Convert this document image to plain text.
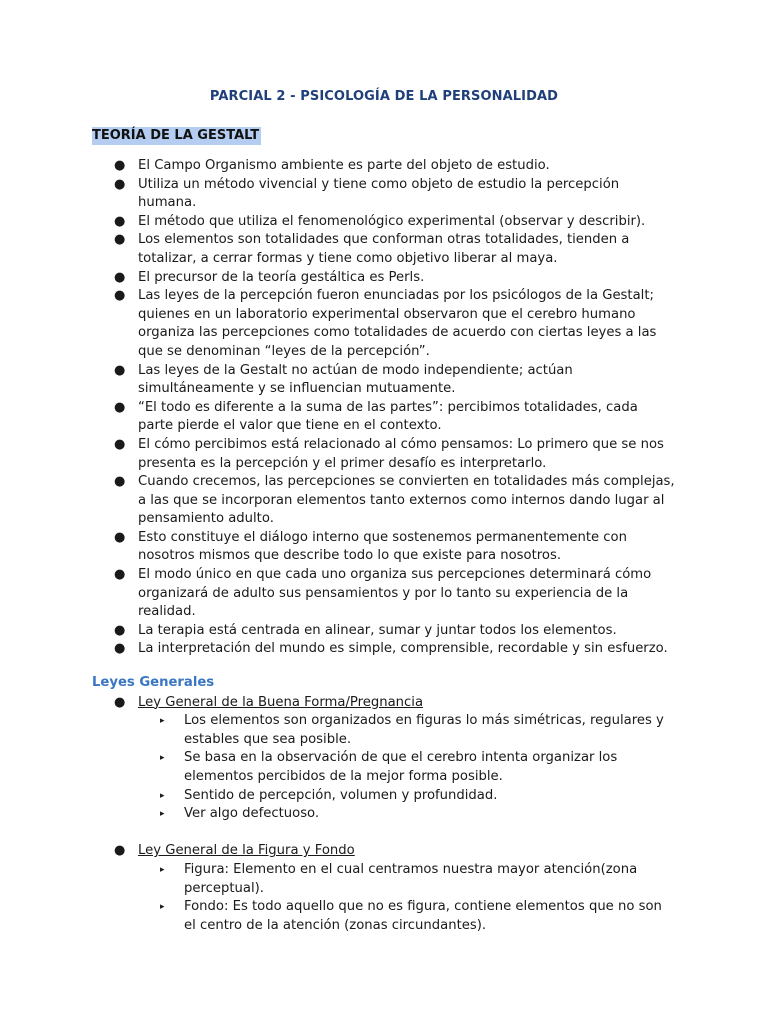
PARCIAL 2 - PSICOLOGÍA DE LA PERSONALIDAD
TEORÍA DE LA GESTALT
● El Campo Organismo ambiente es parte del objeto de estudio.
● Utiliza un método vivencial y tiene como objeto de estudio la percepción humana.
● El método que utiliza el fenomenológico experimental (observar y describir).
● Los elementos son totalidades que conforman otras totalidades, tienden a totalizar, a cerrar formas y tiene como objetivo liberar al maya.
● El precursor de la teoría gestáltica es Perls.
● Las leyes de la percepción fueron enunciadas por los psicólogos de la Gestalt; quienes en un laboratorio experimental observaron que el cerebro humano organiza las percepciones como totalidades de acuerdo con ciertas leyes a las que se denominan “leyes de la percepción”.
● Las leyes de la Gestalt no actúan de modo independiente; actúan simultáneamente y se influencian mutuamente.
● “El todo es diferente a la suma de las partes”: percibimos totalidades, cada parte pierde el valor que tiene en el contexto.
● El cómo percibimos está relacionado al cómo pensamos: Lo primero que se nos presenta es la percepción y el primer desafío es interpretarlo.
● Cuando crecemos, las percepciones se convierten en totalidades más complejas, a las que se incorporan elementos tanto externos como internos dando lugar al pensamiento adulto.
● Esto constituye el diálogo interno que sostenemos permanentemente con nosotros mismos que describe todo lo que existe para nosotros.
● El modo único en que cada uno organiza sus percepciones determinará cómo organizará de adulto sus pensamientos y por lo tanto su experiencia de la realidad.
● La terapia está centrada en alinear, sumar y juntar todos los elementos.
● La interpretación del mundo es simple, comprensible, recordable y sin esfuerzo.
Leyes Generales
● Ley General de la Buena Forma/Pregnancia
▸ Los elementos son organizados en figuras lo más simétricas, regulares y estables que sea posible.
▸ Se basa en la observación de que el cerebro intenta organizar los elementos percibidos de la mejor forma posible.
▸ Sentido de percepción, volumen y profundidad.
▸ Ver algo defectuoso.
● Ley General de la Figura y Fondo
▸ Figura: Elemento en el cual centramos nuestra mayor atención(zona perceptual).
▸ Fondo: Es todo aquello que no es figura, contiene elementos que no son el centro de la atención (zonas circundantes).
